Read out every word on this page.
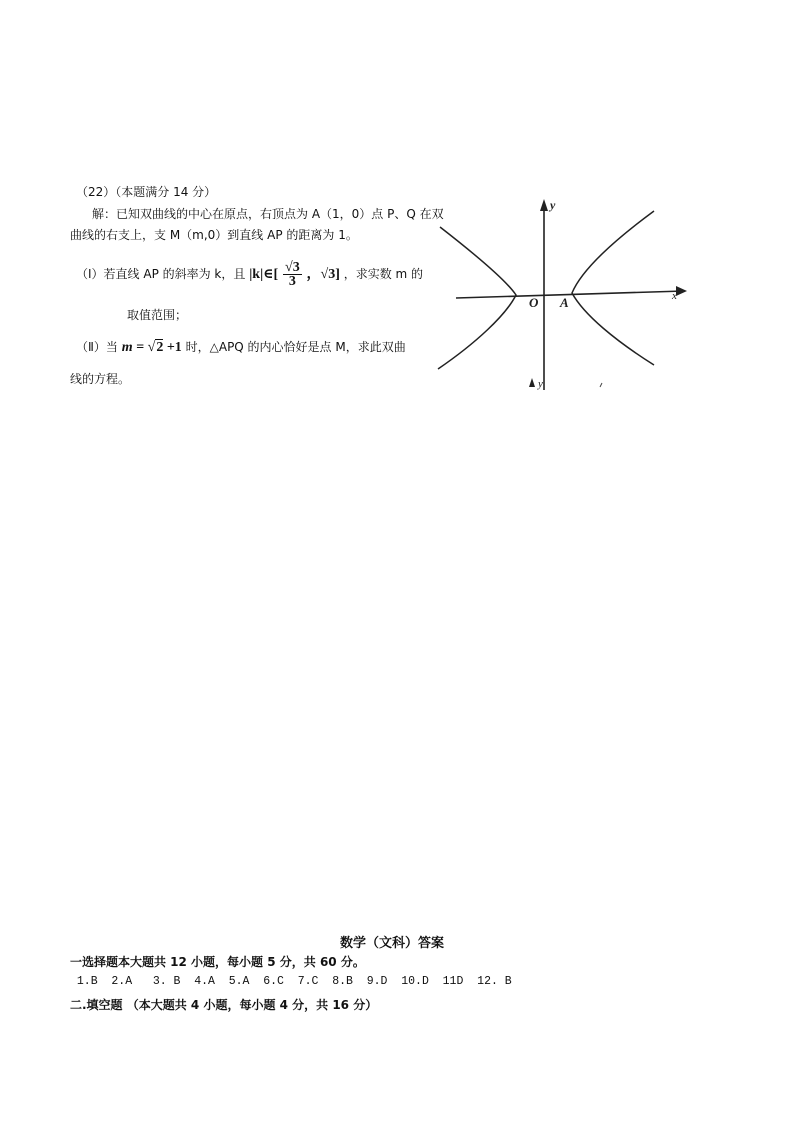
（22）（本题满分 14 分）
解：已知双曲线的中心在原点，右顶点为 A（1，0）点 P、Q 在双
曲线的右支上，支 M（m,0）到直线 AP 的距离为 1。
（Ⅰ）若直线 AP 的斜率为 k，且 |k|∈[ $\frac{√3}{3}$ ，√3] ，求实数 m 的
取值范围；
（Ⅱ）当 m = √2 +1 时，△APQ 的内心恰好是点 M，求此双曲
线的方程。
y
x
O A
y
数学（文科）答案
一选择题本大题共 12 小题，每小题 5 分，共 60 分。
1.B  2.A   3. B  4.A  5.A  6.C  7.C  8.B  9.D  10.D  11D  12. B
二.填空题 （本大题共 4 小题，每小题 4 分，共 16 分）
